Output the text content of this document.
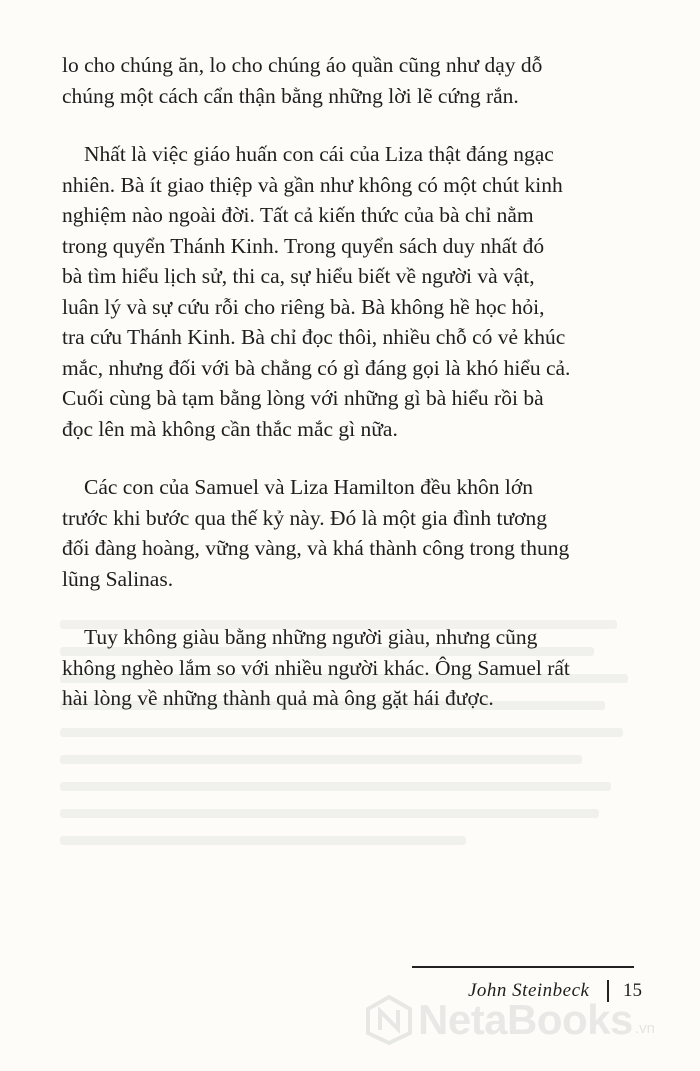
lo cho chúng ăn, lo cho chúng áo quần cũng như dạy dỗ
chúng một cách cẩn thận bằng những lời lẽ cứng rắn.

Nhất là việc giáo huấn con cái của Liza thật đáng ngạc
nhiên. Bà ít giao thiệp và gần như không có một chút kinh
nghiệm nào ngoài đời. Tất cả kiến thức của bà chỉ nằm
trong quyển Thánh Kinh. Trong quyển sách duy nhất đó
bà tìm hiểu lịch sử, thi ca, sự hiểu biết về người và vật,
luân lý và sự cứu rỗi cho riêng bà. Bà không hề học hỏi,
tra cứu Thánh Kinh. Bà chỉ đọc thôi, nhiều chỗ có vẻ khúc
mắc, nhưng đối với bà chẳng có gì đáng gọi là khó hiểu cả.
Cuối cùng bà tạm bằng lòng với những gì bà hiểu rồi bà
đọc lên mà không cần thắc mắc gì nữa.

Các con của Samuel và Liza Hamilton đều khôn lớn
trước khi bước qua thế kỷ này. Đó là một gia đình tương
đối đàng hoàng, vững vàng, và khá thành công trong thung
lũng Salinas.

Tuy không giàu bằng những người giàu, nhưng cũng
không nghèo lắm so với nhiều người khác. Ông Samuel rất
hài lòng về những thành quả mà ông gặt hái được.

John Steinbeck 15
NetaBooks .vn
